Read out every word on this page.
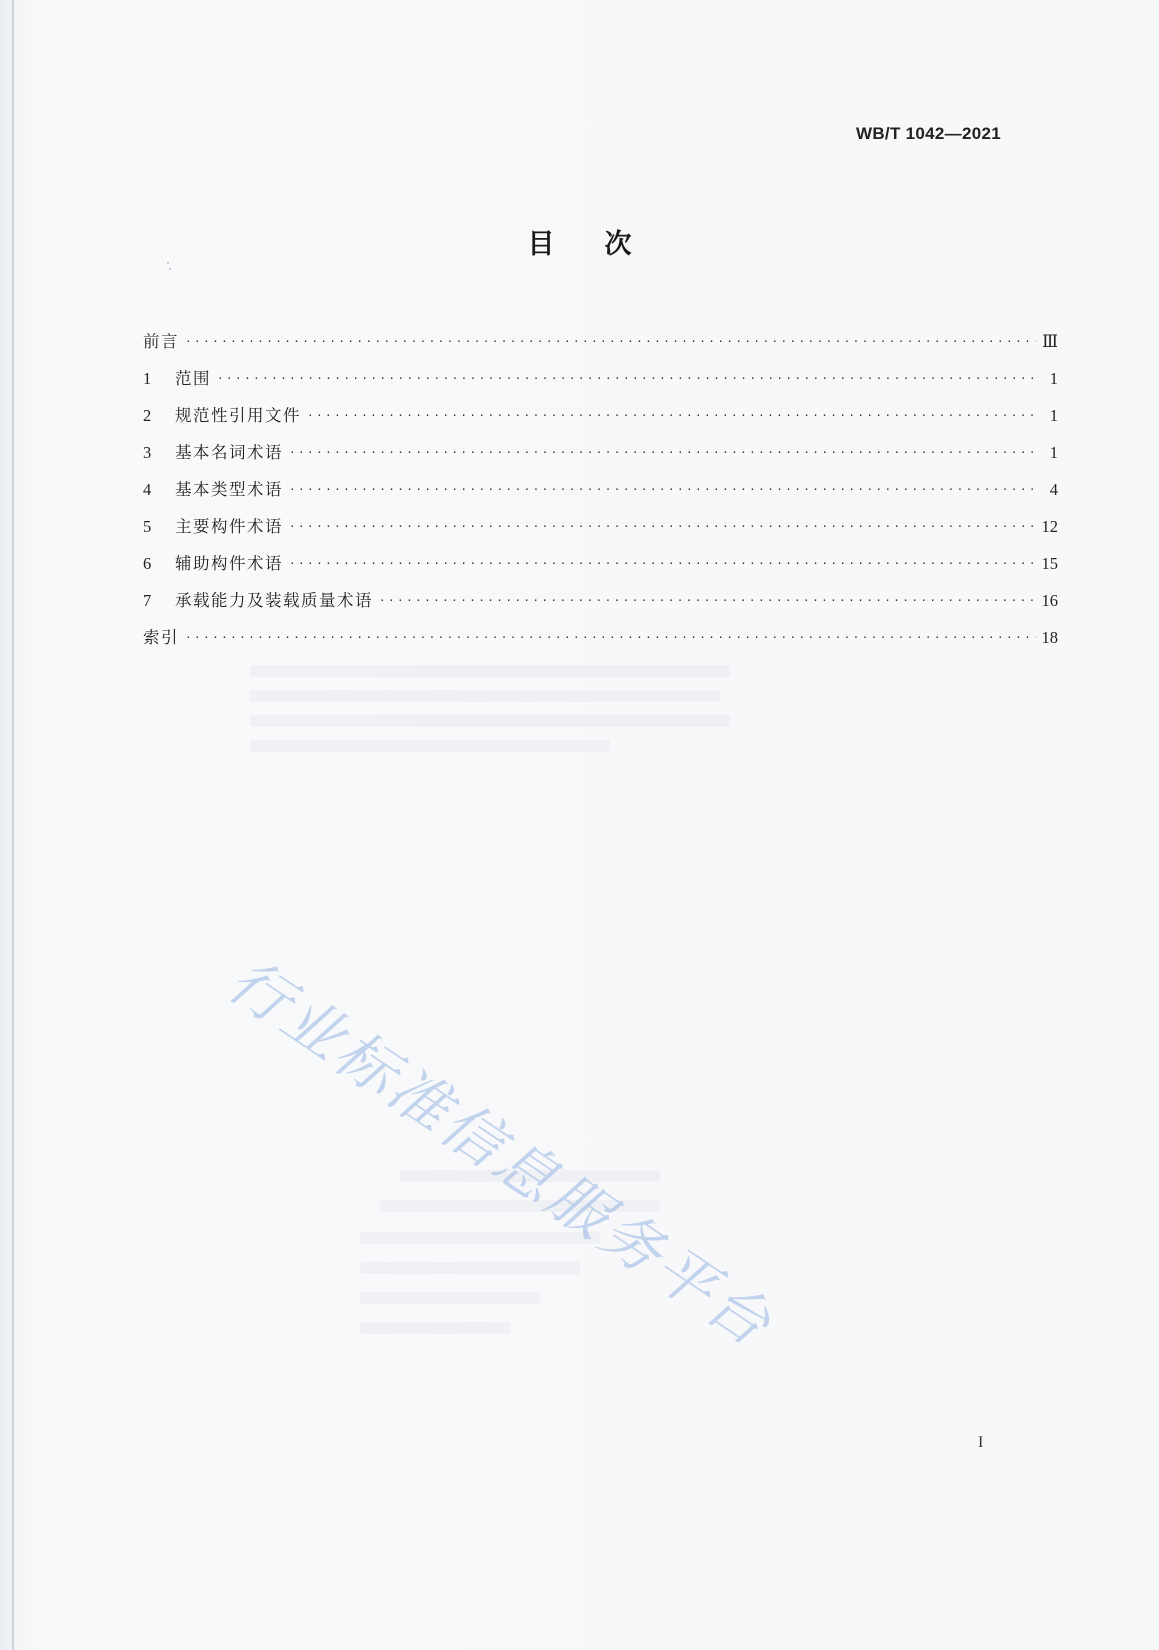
WB/T 1042—2021
目次
前言 ·····	Ⅲ
1	范围 ·····	1
2	规范性引用文件 ·····	1
3	基本名词术语 ·····	1
4	基本类型术语 ·····	4
5	主要构件术语 ·····	12
6	辅助构件术语 ·····	15
7	承载能力及装载质量术语 ·····	16
索引 ·····	18
行业标准信息服务平台
I
